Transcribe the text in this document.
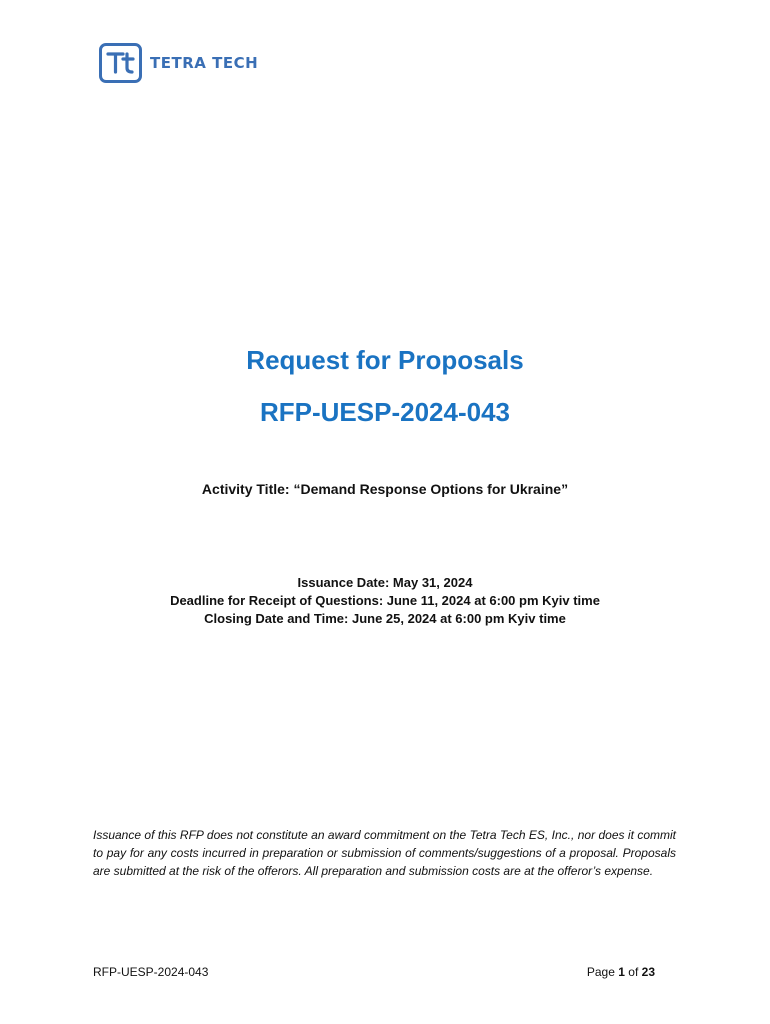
TETRA TECH
Request for Proposals
RFP-UESP-2024-043
Activity Title: “Demand Response Options for Ukraine”
Issuance Date: May 31, 2024
Deadline for Receipt of Questions: June 11, 2024 at 6:00 pm Kyiv time
Closing Date and Time: June 25, 2024 at 6:00 pm Kyiv time
Issuance of this RFP does not constitute an award commitment on the Tetra Tech ES, Inc., nor does it commit to pay for any costs incurred in preparation or submission of comments/suggestions of a proposal. Proposals are submitted at the risk of the offerors. All preparation and submission costs are at the offeror’s expense.
RFP-UESP-2024-043	Page 1 of 23
